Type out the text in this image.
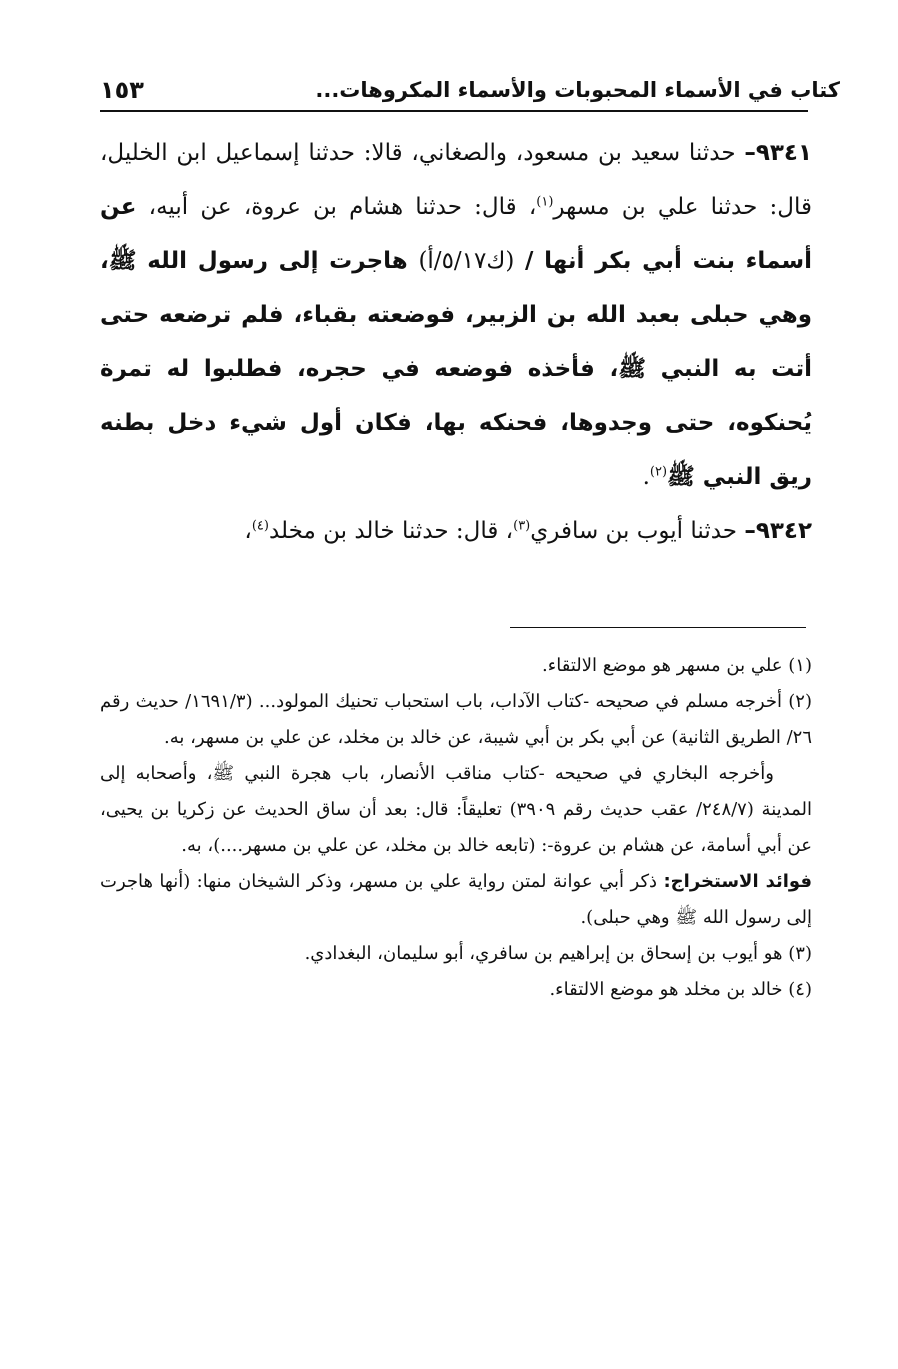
كتاب في الأسماء المحبوبات والأسماء المكروهات...
١٥٣

٩٣٤١– حدثنا سعيد بن مسعود، والصغاني، قالا: حدثنا إسماعيل ابن الخليل، قال: حدثنا علي بن مسهر$^{(١)}$، قال: حدثنا هشام بن عروة، عن أبيه، عن أسماء بنت أبي بكر أنها / (ك٥/١٧/أ) هاجرت إلى رسول الله ﷺ، وهي حبلى بعبد الله بن الزبير، فوضعته بقباء، فلم ترضعه حتى أتت به النبي ﷺ، فأخذه فوضعه في حجره، فطلبوا له تمرة يُحنكوه، حتى وجدوها، فحنكه بها، فكان أول شيء دخل بطنه ريق النبي ﷺ$^{(٢)}$.

٩٣٤٢– حدثنا أيوب بن سافري$^{(٣)}$، قال: حدثنا خالد بن مخلد$^{(٤)}$،

(١) علي بن مسهر هو موضع الالتقاء.

(٢) أخرجه مسلم في صحيحه -كتاب الآداب، باب استحباب تحنيك المولود... (١٦٩١/٣/ حديث رقم ٢٦/ الطريق الثانية) عن أبي بكر بن أبي شيبة، عن خالد بن مخلد، عن علي بن مسهر، به.

وأخرجه البخاري في صحيحه -كتاب مناقب الأنصار، باب هجرة النبي ﷺ، وأصحابه إلى المدينة (٢٤٨/٧/ عقب حديث رقم ٣٩٠٩) تعليقاً: قال: بعد أن ساق الحديث عن زكريا بن يحيى، عن أبي أسامة، عن هشام بن عروة-: (تابعه خالد بن مخلد، عن علي بن مسهر....)، به.

فوائد الاستخراج: ذكر أبي عوانة لمتن رواية علي بن مسهر، وذكر الشيخان منها: (أنها هاجرت إلى رسول الله ﷺ وهي حبلى).

(٣) هو أيوب بن إسحاق بن إبراهيم بن سافري، أبو سليمان، البغدادي.

(٤) خالد بن مخلد هو موضع الالتقاء.
